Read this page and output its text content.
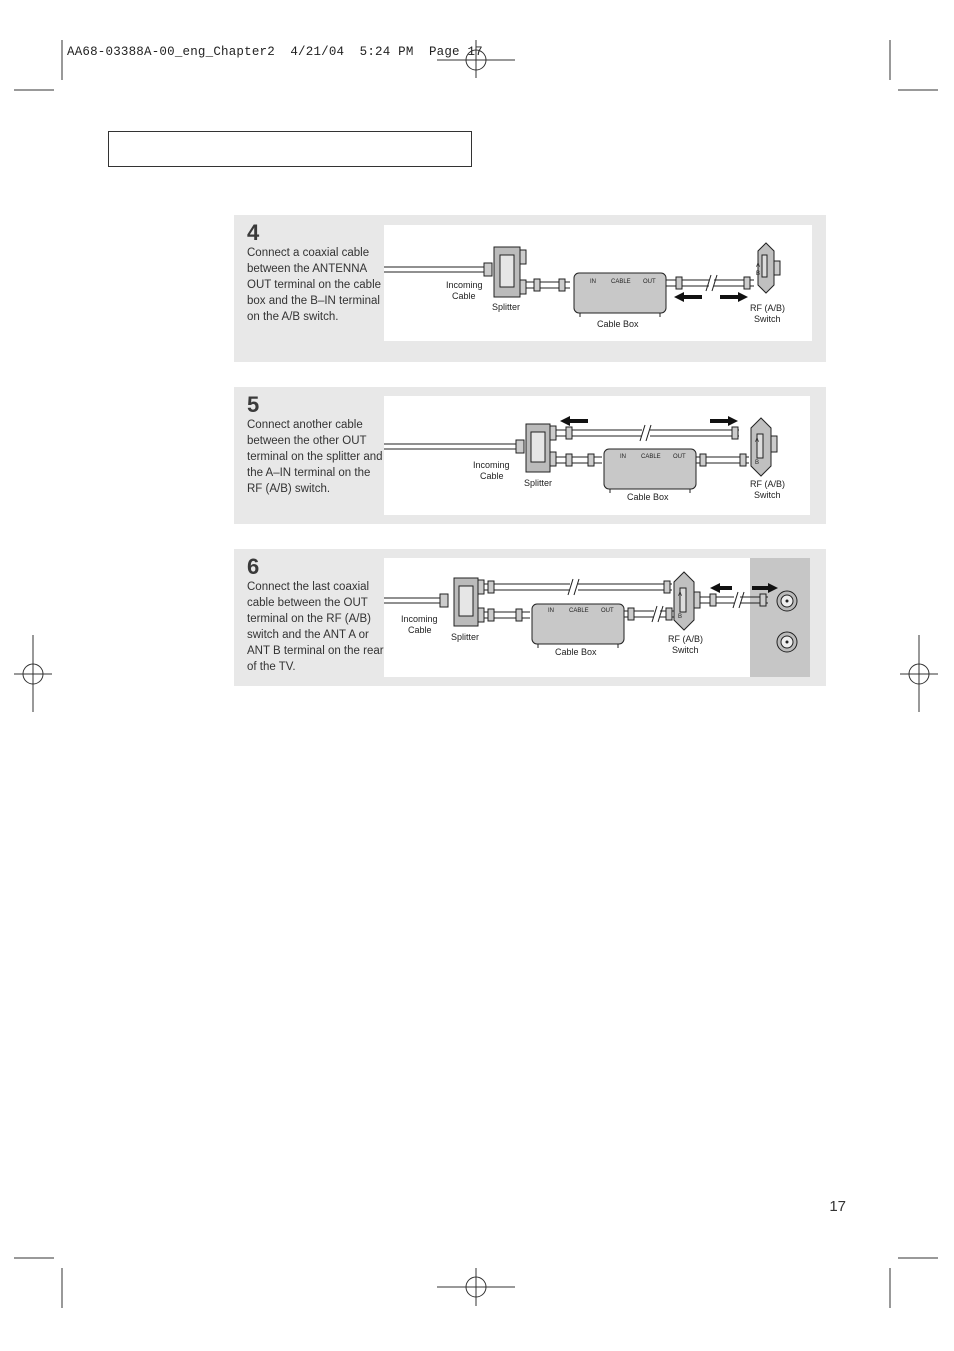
AA68-03388A-00_eng_Chapter2  4/21/04  5:24 PM  Page 17
4
Connect a coaxial cable
between the ANTENNA
OUT terminal on the cable
box and the B–IN terminal
on the A/B switch.
IN	CABLE OUT
A
B
Incoming Cable
Splitter
Cable Box
RF (A/B) Switch
5
Connect another cable
between the other OUT
terminal on the splitter and
the A–IN terminal on the
RF (A/B) switch.
IN	CABLE OUT
A
B
Incoming Cable
Splitter
Cable Box
RF (A/B) Switch
6
Connect the last coaxial
cable between the OUT
terminal on the RF (A/B)
switch and the ANT A or
ANT B terminal on the rear
of the TV.
IN	CABLE OUT
A
B
Incoming Cable
Splitter
Cable Box
RF (A/B) Switch
17
